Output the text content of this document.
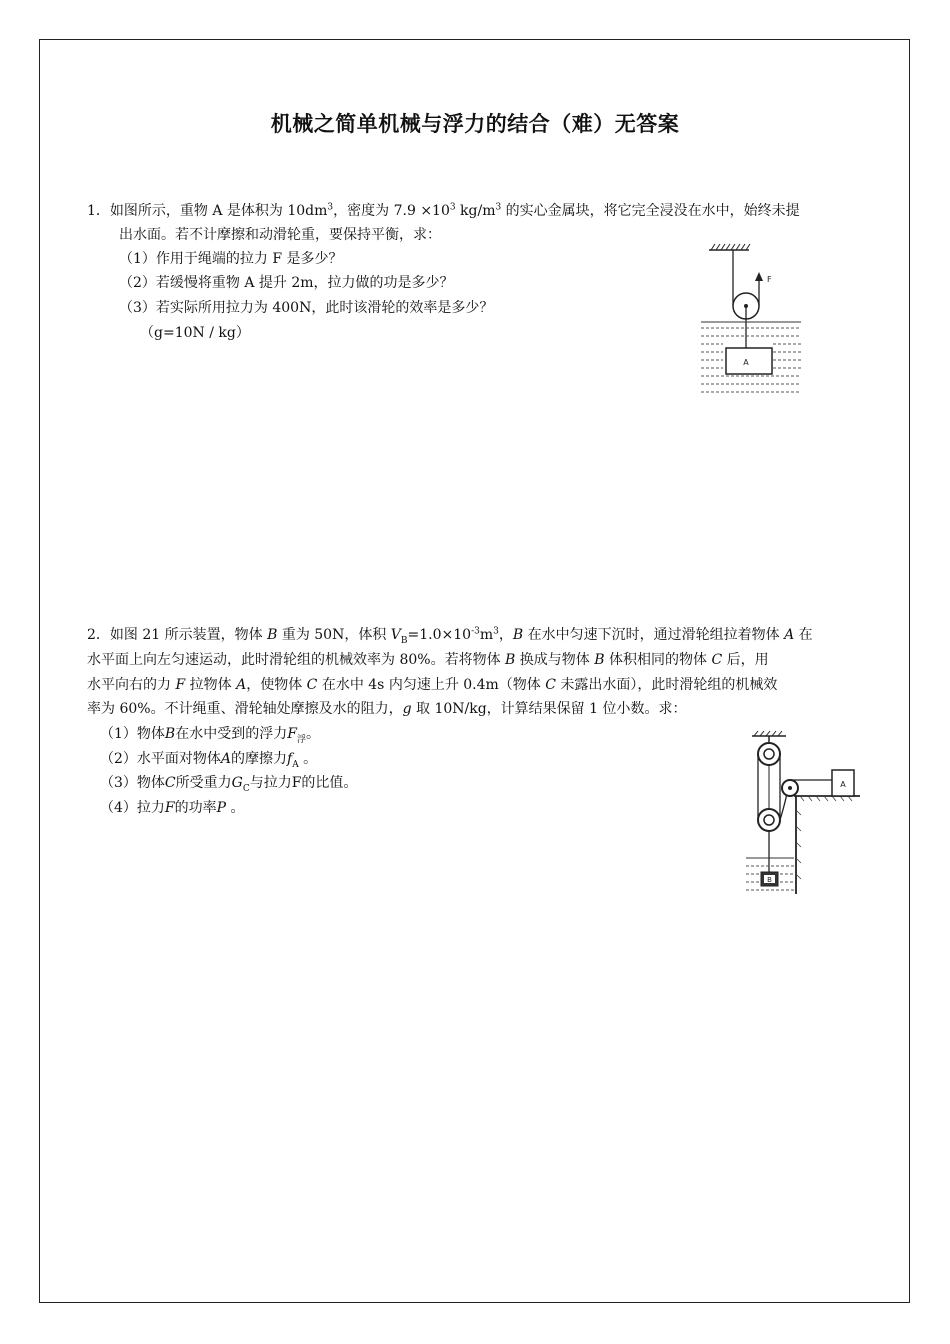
机械之简单机械与浮力的结合（难）无答案
1．如图所示，重物 A 是体积为 $10dm^3$，密度为 $7.9 \times 10^3$ $kg/m^3$ 的实心金属块，将它完全浸没在水中，始终未提
出水面。若不计摩擦和动滑轮重，要保持平衡，求：
（1）作用于绳端的拉力 F 是多少？
（2）若缓慢将重物 A 提升 2m，拉力做的功是多少？
（3）若实际所用拉力为 400N，此时该滑轮的效率是多少？
（g=10N / kg）
F
A
2．如图 21 所示装置，物体 B 重为 50N，体积 $V_B=1.0\times 10^{-3}m^3$，B 在水中匀速下沉时，通过滑轮组拉着物体 A 在
水平面上向左匀速运动，此时滑轮组的机械效率为 80%。若将物体 B 换成与物体 B 体积相同的物体 C 后，用
水平向右的力 F 拉物体 A，使物体 C 在水中 4s 内匀速上升 0.4m（物体 C 未露出水面），此时滑轮组的机械效
率为 60%。不计绳重、滑轮轴处摩擦及水的阻力，g 取 10N/kg，计算结果保留 1 位小数。求：
（1）物体B在水中受到的浮力$F_浮$。
（2）水平面对物体A的摩擦力$f_A$ 。
（3）物体C所受重力$G_C$与拉力F的比值。
（4）拉力F的功率P 。
A
B
